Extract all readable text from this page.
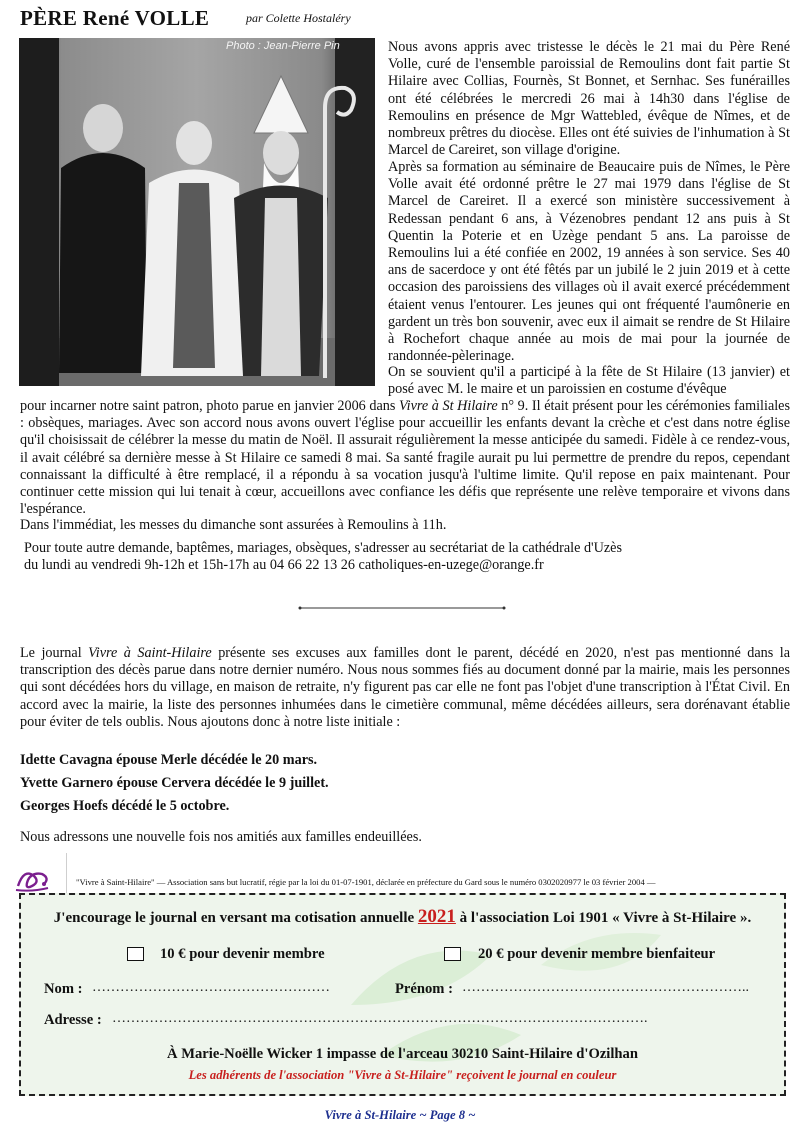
PÈRE René VOLLE	par Colette Hostaléry
Photo : Jean-Pierre Pin	Nous avons appris avec tristesse le décès le 21 mai du Père René Volle, curé de l'ensemble paroissial de Remoulins dont fait partie St Hilaire avec Collias, Fournès, St Bonnet, et Sernhac. Ses funérailles ont été célébrées le mercredi 26 mai à 14h30 dans l'église de Remoulins en présence de Mgr Wattebled, évêque de Nîmes, et de nombreux prêtres du diocèse. Elles ont été suivies de l'inhumation à St Marcel de Careiret, son village d'origine.

Après sa formation au séminaire de Beaucaire puis de Nîmes, le Père Volle avait été ordonné prêtre le 27 mai 1979 dans l'église de St Marcel de Careiret. Il a exercé son ministère successivement à Redessan pendant 6 ans, à Vézenobres pendant 12 ans puis à St Quentin la Poterie et en Uzège pendant 5 ans. La paroisse de Remoulins lui a été confiée en 2002, 19 années à son service. Ses 40 ans de sacerdoce y ont été fêtés par un jubilé le 2 juin 2019 et à cette occasion des paroissiens des villages où il avait exercé précédemment étaient venus l'entourer. Les jeunes qui ont fréquenté l'aumônerie en gardent un très bon souvenir, avec eux il aimait se rendre de St Hilaire à Rochefort chaque année au mois de mai pour la journée de randonnée-pèlerinage.

On se souvient qu'il a participé à la fête de St Hilaire (13 janvier) et posé avec M. le maire et un paroissien en costume d'évêque

pour incarner notre saint patron, photo parue en janvier 2006 dans Vivre à St Hilaire n° 9. Il était présent pour les cérémonies familiales : obsèques, mariages. Avec son accord nous avons ouvert l'église pour accueillir les enfants devant la crèche et c'est dans notre église qu'il choisissait de célébrer la messe du matin de Noël. Il assurait régulièrement la messe anticipée du samedi. Fidèle à ce rendez-vous, il avait célébré sa dernière messe à St Hilaire ce samedi 8 mai. Sa santé fragile aurait pu lui permettre de prendre du repos, cependant connaissant la difficulté à être remplacé, il a répondu à sa vocation jusqu'à l'ultime limite. Qu'il repose en paix maintenant. Pour continuer cette mission qui lui tenait à cœur, accueillons avec confiance les défis que représente une relève temporaire et vivons dans l'espérance.

Dans l'immédiat, les messes du dimanche sont assurées à Remoulins à 11h.

Pour toute autre demande, baptêmes, mariages, obsèques, s'adresser au secrétariat de la cathédrale d'Uzès
du lundi au vendredi 9h-12h et 15h-17h au 04 66 22 13 26 catholiques-en-uzege@orange.fr

Le journal Vivre à Saint-Hilaire présente ses excuses aux familles dont le parent, décédé en 2020, n'est pas mentionné dans la transcription des décès parue dans notre dernier numéro. Nous nous sommes fiés au document donné par la mairie, mais les personnes qui sont décédées hors du village, en maison de retraite, n'y figurent pas car elle ne font pas l'objet d'une transcription à l'État Civil. En accord avec la mairie, la liste des personnes inhumées dans le cimetière communal, même décédées ailleurs, sera dorénavant établie pour éviter de tels oublis. Nous ajoutons donc à notre liste initiale :

Idette Cavagna épouse Merle décédée le 20 mars.
Yvette Garnero épouse Cervera décédée le 9 juillet.
Georges Hoefs décédé le 5 octobre.
Nous adressons une nouvelle fois nos amitiés aux familles endeuillées.
"Vivre à Saint-Hilaire" — Association sans but lucratif, régie par la loi du 01-07-1901, déclarée en préfecture du Gard sous le numéro 0302020977 le 03 février 2004 —
J'encourage le journal en versant ma cotisation annuelle 2021 à l'association Loi 1901 « Vivre à St-Hilaire ».
10 € pour devenir membre	20 € pour devenir membre bienfaiteur
Nom : ……………………………………………	Prénom : ……………………………………………………..
Adresse : …………………………………………………………………………………………………….
À Marie-Noëlle Wicker 1 impasse de l'arceau 30210 Saint-Hilaire d'Ozilhan
Les adhérents de l'association "Vivre à St-Hilaire" reçoivent le journal en couleur
Vivre à St-Hilaire ~ Page 8 ~
